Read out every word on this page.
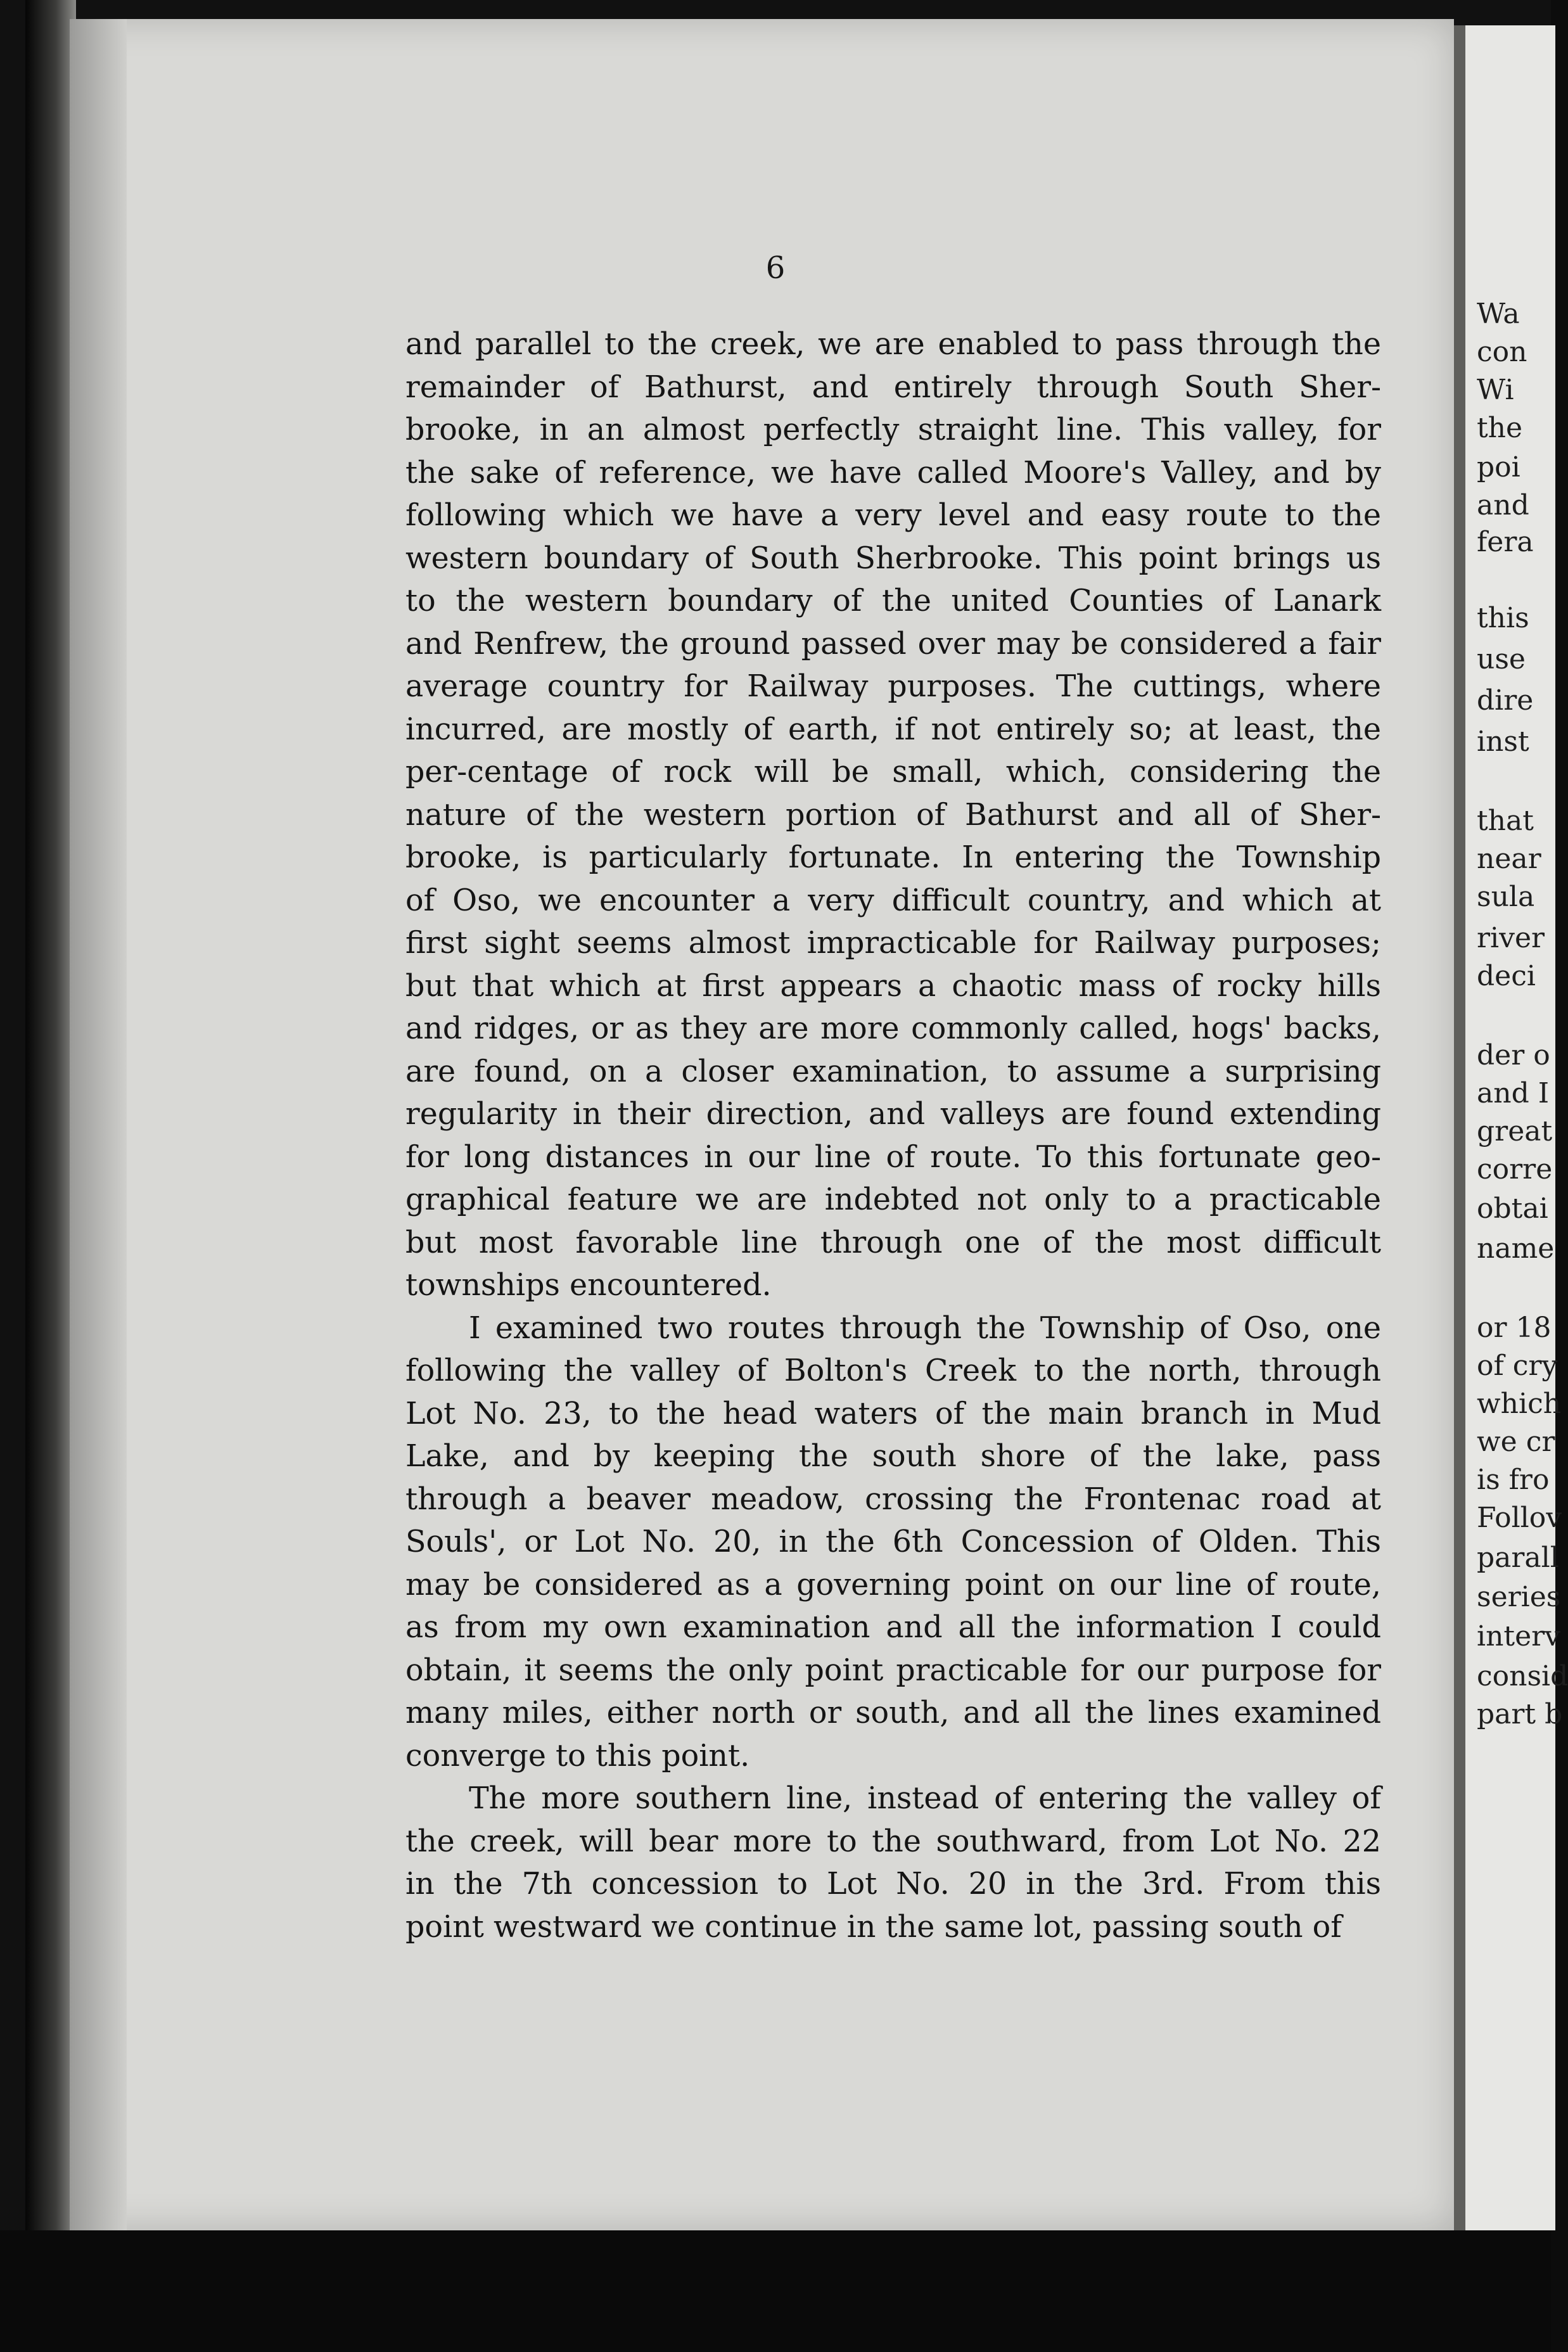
Wa
con
Wi
the
poi
and
fera
this
use
dire
inst
that
near
sula
river
deci
der o
and I
great
corre
obtai
name
or 18
of cry
which
we cr
is fro
Follov
parall
series
interv
consid
part b
6

and parallel to the creek, we are enabled to pass through the
remainder of Bathurst, and entirely through South Sher-
brooke, in an almost perfectly straight line. This valley, for
the sake of reference, we have called Moore's Valley, and by
following which we have a very level and easy route to the
western boundary of South Sherbrooke. This point brings us
to the western boundary of the united Counties of Lanark
and Renfrew, the ground passed over may be considered a fair
average country for Railway purposes. The cuttings, where
incurred, are mostly of earth, if not entirely so; at least, the
per-centage of rock will be small, which, considering the
nature of the western portion of Bathurst and all of Sher-
brooke, is particularly fortunate. In entering the Township
of Oso, we encounter a very difficult country, and which at
first sight seems almost impracticable for Railway purposes;
but that which at first appears a chaotic mass of rocky hills
and ridges, or as they are more commonly called, hogs' backs,
are found, on a closer examination, to assume a surprising
regularity in their direction, and valleys are found extending
for long distances in our line of route. To this fortunate geo-
graphical feature we are indebted not only to a practicable
but most favorable line through one of the most difficult
townships encountered.

I examined two routes through the Township of Oso, one
following the valley of Bolton's Creek to the north, through
Lot No. 23, to the head waters of the main branch in Mud
Lake, and by keeping the south shore of the lake, pass
through a beaver meadow, crossing the Frontenac road at
Souls', or Lot No. 20, in the 6th Concession of Olden. This
may be considered as a governing point on our line of route,
as from my own examination and all the information I could
obtain, it seems the only point practicable for our purpose for
many miles, either north or south, and all the lines examined
converge to this point.

The more southern line, instead of entering the valley of
the creek, will bear more to the southward, from Lot No. 22
in the 7th concession to Lot No. 20 in the 3rd. From this
point westward we continue in the same lot, passing south of
